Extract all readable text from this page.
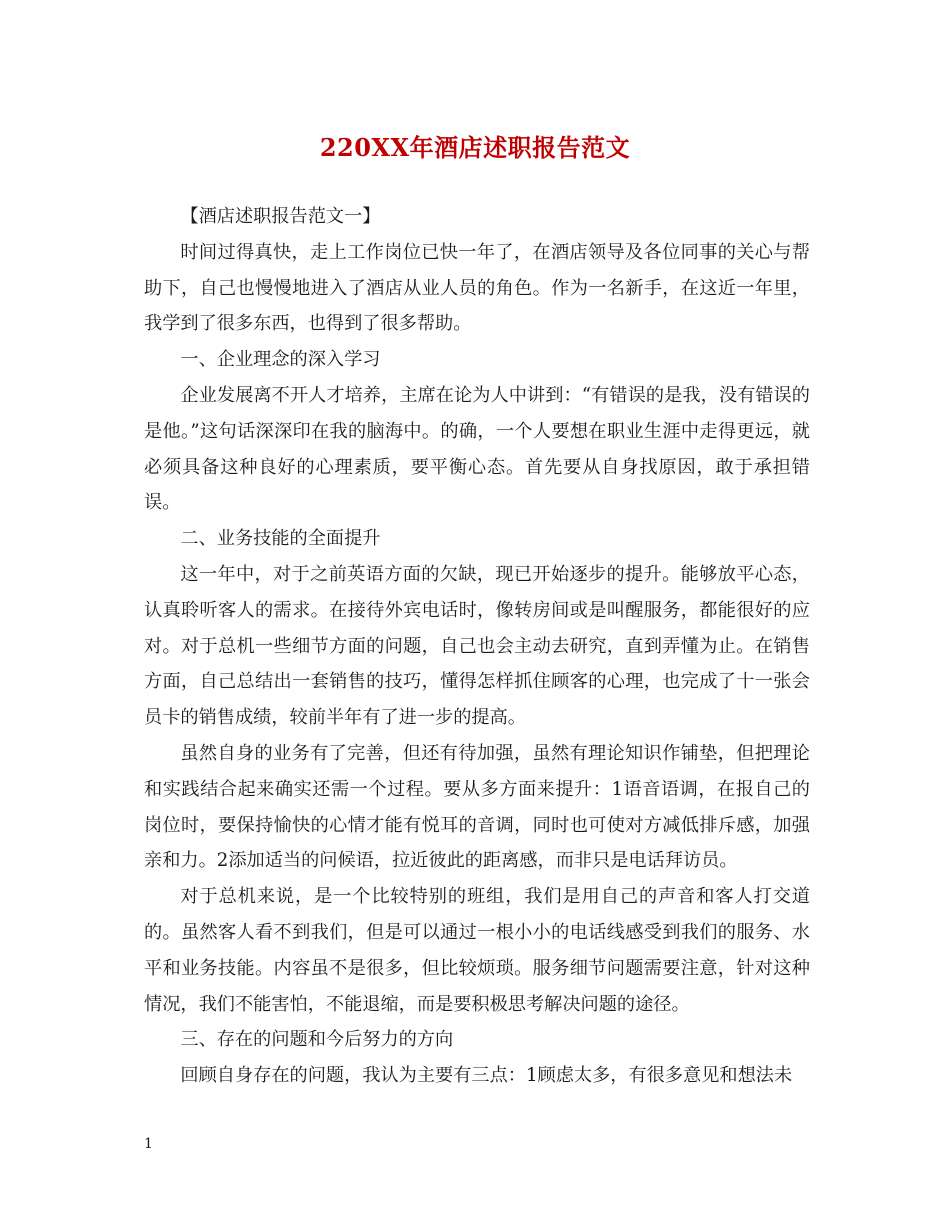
220XX年酒店述职报告范文

【酒店述职报告范文一】

时间过得真快，走上工作岗位已快一年了，在酒店领导及各位同事的关心与帮助下，自己也慢慢地进入了酒店从业人员的角色。作为一名新手，在这近一年里，我学到了很多东西，也得到了很多帮助。

一、企业理念的深入学习

企业发展离不开人才培养，主席在论为人中讲到：“有错误的是我，没有错误的是他。”这句话深深印在我的脑海中。的确，一个人要想在职业生涯中走得更远，就必须具备这种良好的心理素质，要平衡心态。首先要从自身找原因，敢于承担错误。

二、业务技能的全面提升

这一年中，对于之前英语方面的欠缺，现已开始逐步的提升。能够放平心态，认真聆听客人的需求。在接待外宾电话时，像转房间或是叫醒服务，都能很好的应对。对于总机一些细节方面的问题，自己也会主动去研究，直到弄懂为止。在销售方面，自己总结出一套销售的技巧，懂得怎样抓住顾客的心理，也完成了十一张会员卡的销售成绩，较前半年有了进一步的提高。

虽然自身的业务有了完善，但还有待加强，虽然有理论知识作铺垫，但把理论和实践结合起来确实还需一个过程。要从多方面来提升：1语音语调，在报自己的岗位时，要保持愉快的心情才能有悦耳的音调，同时也可使对方减低排斥感，加强亲和力。2添加适当的问候语，拉近彼此的距离感，而非只是电话拜访员。

对于总机来说，是一个比较特别的班组，我们是用自己的声音和客人打交道的。虽然客人看不到我们，但是可以通过一根小小的电话线感受到我们的服务、水平和业务技能。内容虽不是很多，但比较烦琐。服务细节问题需要注意，针对这种情况，我们不能害怕，不能退缩，而是要积极思考解决问题的途径。

三、存在的问题和今后努力的方向

回顾自身存在的问题，我认为主要有三点：1顾虑太多，有很多意见和想法未

1
